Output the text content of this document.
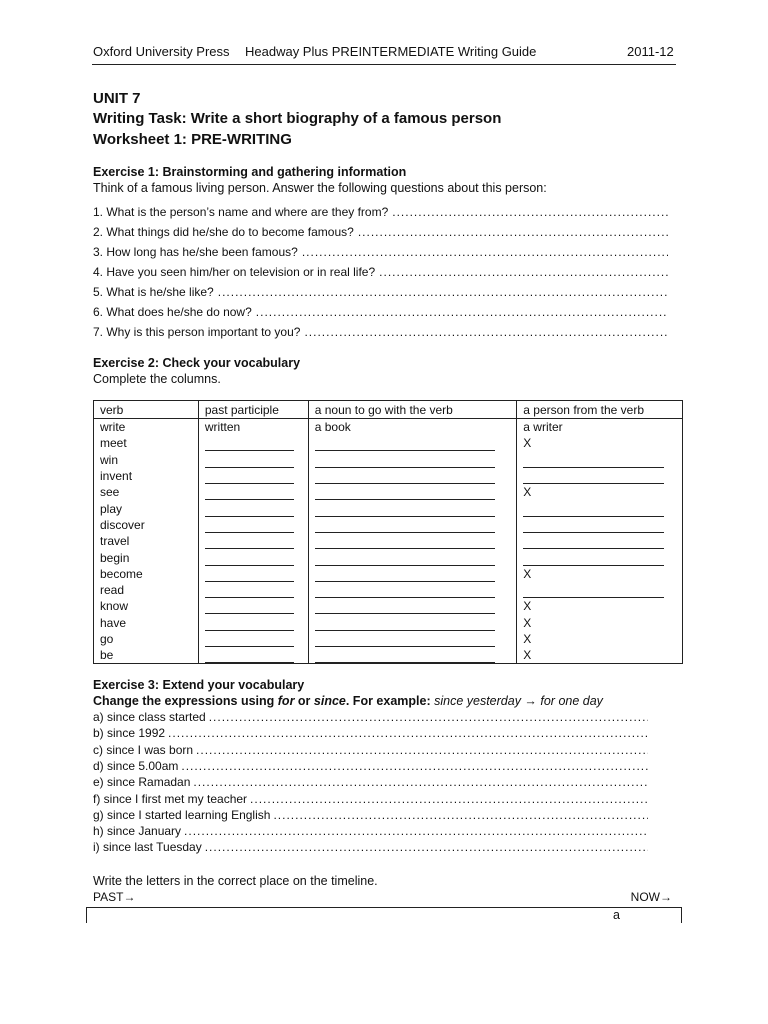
Oxford University Press Headway Plus PREINTERMEDIATE Writing Guide	2011-12
UNIT 7
Writing Task: Write a short biography of a famous person
Worksheet 1: PRE-WRITING
Exercise 1: Brainstorming and gathering information
Think of a famous living person. Answer the following questions about this person:
1. What is the person’s name and where are they from?
.....
2. What things did he/she do to become famous?
.....
3. How long has he/she been famous?
.....
4. Have you seen him/her on television or in real life?
.....
5. What is he/she like?
.....
6. What does he/she do now?
.....
7. Why is this person important to you?
.....
Exercise 2: Check your vocabulary
Complete the columns.
verb	past participle	a noun to go with the verb	a person from the verb
write	written	a book	a writer
meet			X
win			
invent			
see			X
play			
discover			
travel			
begin			
become			X
read			
know			X
have			X
go			X
be			X
Exercise 3: Extend your vocabulary
Change the expressions using for or since. For example: since yesterday → for one day
a) since class started
.....
b) since 1992
.....
c) since I was born
.....
d) since 5.00am
.....
e) since Ramadan
.....
f) since I first met my teacher
.....
g) since I started learning English
.....
h) since January
.....
i) since last Tuesday
.....
Write the letters in the correct place on the timeline.
PAST→	NOW→
a
